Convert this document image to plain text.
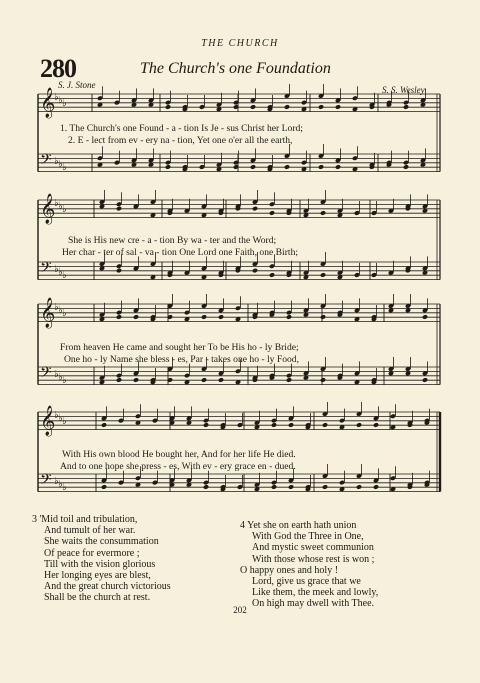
THE CHURCH
280	The Church's one Foundation
S. J. Stone	S. S. Wesley
𝄞
♭ ♭ ♭
𝄢 ♭ ♭ ♭
𝄞
♭ ♭ ♭
𝄢 ♭ ♭ ♭
𝄞
♭ ♭ ♭
𝄢 ♭ ♭ ♭
𝄞
♭ ♭ ♭
𝄢 ♭ ♭ ♭
1. The Church's one Found - a - tion Is Je - sus Christ her Lord;
2. E - lect from ev - ery na - tion, Yet one o'er all the earth,
She is His new cre - a - tion By wa - ter and the Word;
Her char - ter of sal - va - tion One Lord one Faith, one Birth;
From heaven He came and sought her To be His ho - ly Bride;
One ho - ly Name she bless - es, Par - takes one ho - ly Food,
With His own blood He bought her, And for her life He died.
And to one hope she press - es, With ev - ery grace en - dued.
3 'Mid toil and tribulation,
And tumult of her war.
She waits the consummation
Of peace for evermore ;
Till with the vision glorious
Her longing eyes are blest,
And the great church victorious
Shall be the church at rest.
4 Yet she on earth hath union
With God the Three in One,
And mystic sweet communion
With those whose rest is won ;
O happy ones and holy !
Lord, give us grace that we
Like them, the meek and lowly,
On high may dwell with Thee.
202
